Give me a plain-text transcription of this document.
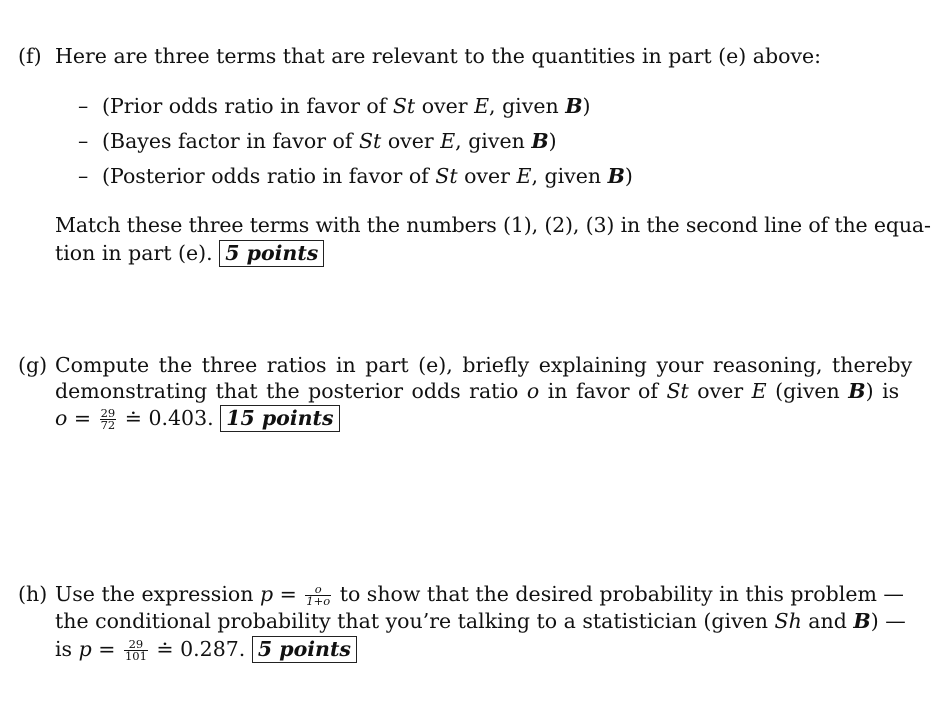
(f) Here are three terms that are relevant to the quantities in part (e) above:
– (Prior odds ratio in favor of St over E, given B)
– (Bayes factor in favor of St over E, given B)
– (Posterior odds ratio in favor of St over E, given B)
Match these three terms with the numbers (1), (2), (3) in the second line of the equa-
tion in part (e). 5 points
(g) Compute the three ratios in part (e), briefly explaining your reasoning, thereby
demonstrating that the posterior odds ratio o in favor of St over E (given B) is
$o = \frac{29}{72}$ ≐ 0.403. 15 points
(h) Use the expression $p = \frac{o}{1+o}$ to show that the desired probability in this problem —
the conditional probability that you’re talking to a statistician (given Sh and B) —
is $p = \frac{29}{101}$ ≐ 0.287. 5 points
